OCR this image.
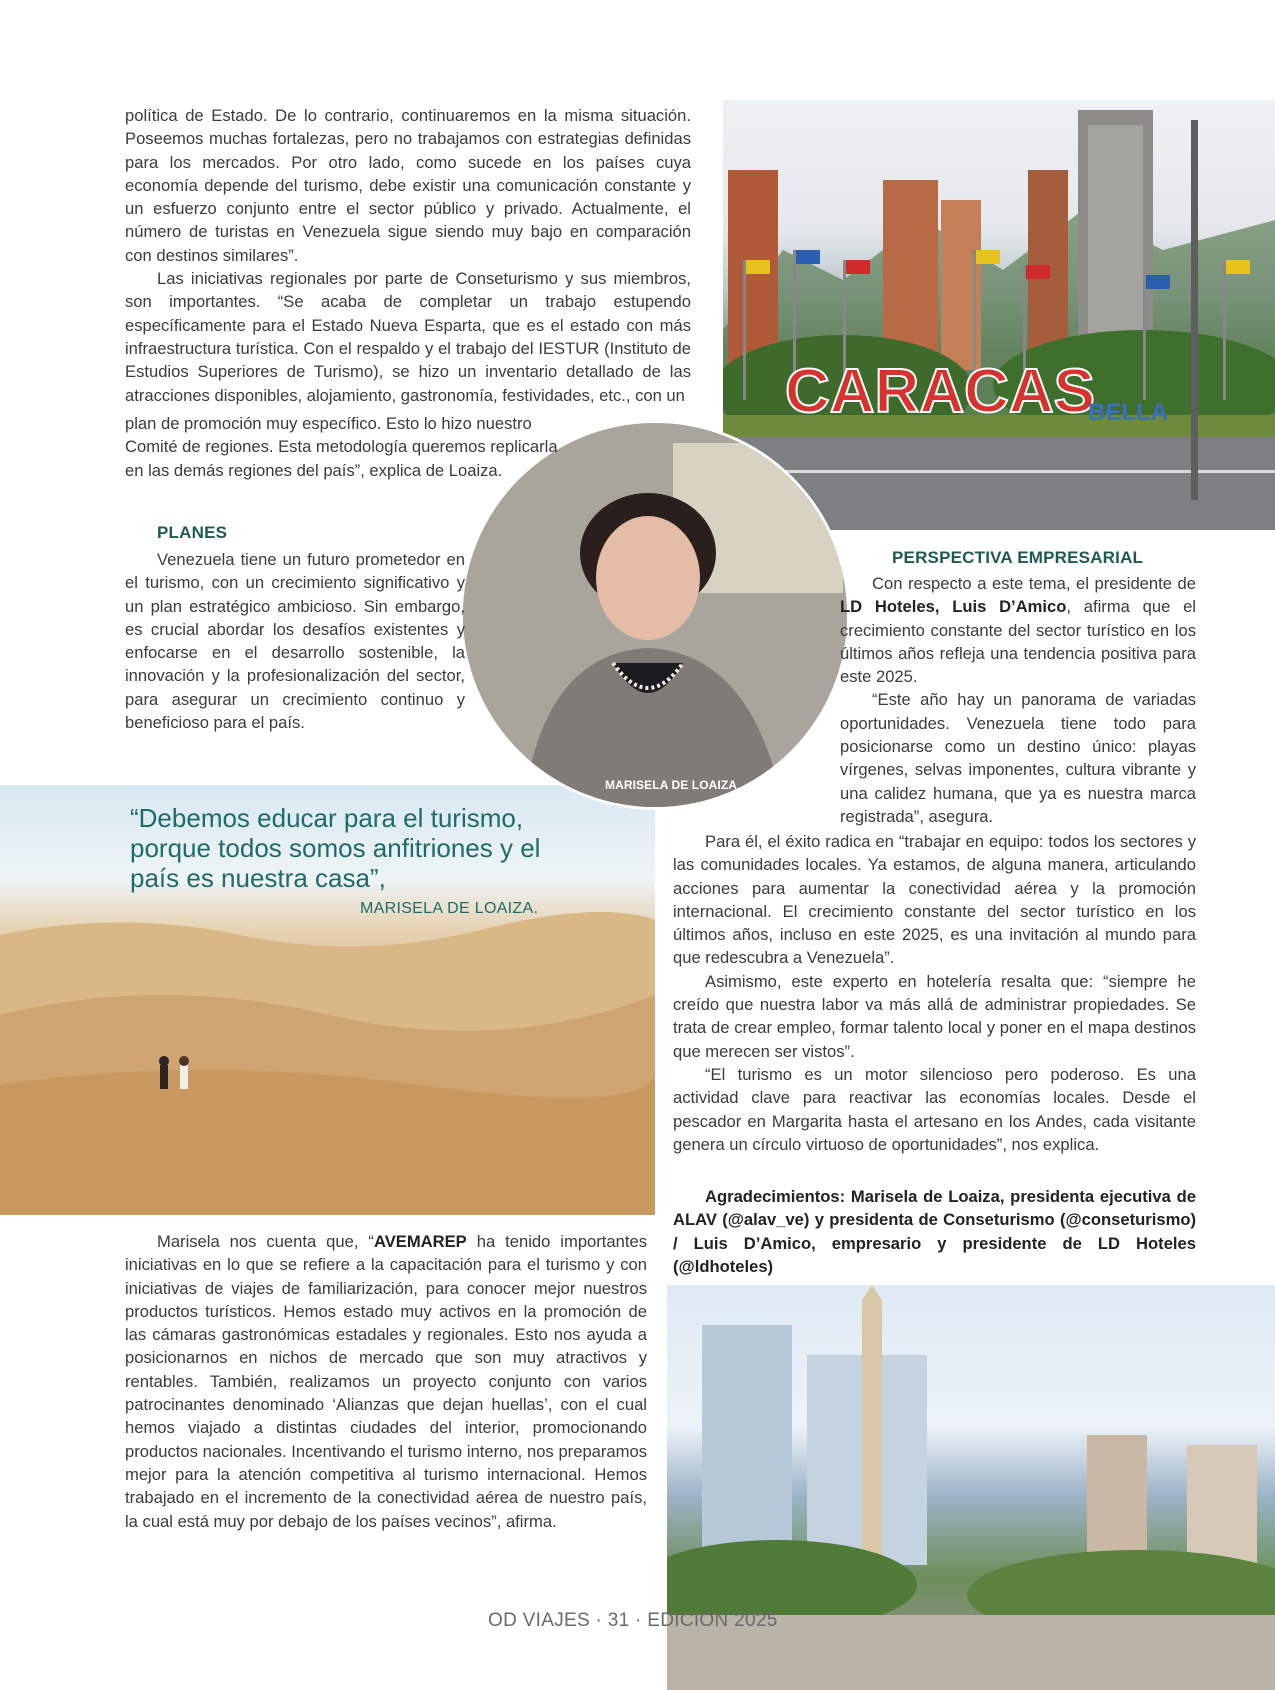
CARACAS
BELLA
MARISELA DE LOAIZA

política de Estado. De lo contrario, continuaremos en la misma situación. Poseemos muchas fortalezas, pero no trabajamos con estrategias definidas para los mercados. Por otro lado, como sucede en los países cuya economía depende del turismo, debe existir una comunicación constante y un esfuerzo conjunto entre el sector público y privado. Actualmente, el número de turistas en Venezuela sigue siendo muy bajo en comparación con destinos similares”.

Las iniciativas regionales por parte de Conseturismo y sus miembros, son importantes. “Se acaba de completar un trabajo estupendo específicamente para el Estado Nueva Esparta, que es el estado con más infraestructura turística. Con el respaldo y el trabajo del IESTUR (Instituto de Estudios Superiores de Turismo), se hizo un inventario detallado de las atracciones disponibles, alojamiento, gastronomía, festividades, etc., con un

plan de promoción muy específico. Esto lo hizo nuestro Comité de regiones. Esta metodología queremos replicarla en las demás regiones del país”, explica de Loaiza.

PLANES

Venezuela tiene un futuro prometedor en el turismo, con un crecimiento significativo y un plan estratégico ambicioso. Sin embargo, es crucial abordar los desafíos existentes y enfocarse en el desarrollo sostenible, la innovación y la profesionalización del sector, para asegurar un crecimiento continuo y beneficioso para el país.

“Debemos educar para el turismo, porque todos somos anfitriones y el país es nuestra casa”,
MARISELA DE LOAIZA.

Marisela nos cuenta que, “AVEMAREP ha tenido importantes iniciativas en lo que se refiere a la capacitación para el turismo y con iniciativas de viajes de familiarización, para conocer mejor nuestros productos turísticos. Hemos estado muy activos en la promoción de las cámaras gastronómicas estadales y regionales. Esto nos ayuda a posicionarnos en nichos de mercado que son muy atractivos y rentables. También, realizamos un proyecto conjunto con varios patrocinantes denominado ‘Alianzas que dejan huellas’, con el cual hemos viajado a distintas ciudades del interior, promocionando productos nacionales. Incentivando el turismo interno, nos preparamos mejor para la atención competitiva al turismo internacional. Hemos trabajado en el incremento de la conectividad aérea de nuestro país, la cual está muy por debajo de los países vecinos”, afirma.

PERSPECTIVA EMPRESARIAL

Con respecto a este tema, el presidente de LD Hoteles, Luis D’Amico, afirma que el crecimiento constante del sector turístico en los últimos años refleja una tendencia positiva para este 2025.

“Este año hay un panorama de variadas oportunidades. Venezuela tiene todo para posicionarse como un destino único: playas vírgenes, selvas imponentes, cultura vibrante y una calidez humana, que ya es nuestra marca registrada”, asegura.

Para él, el éxito radica en “trabajar en equipo: todos los sectores y las comunidades locales. Ya estamos, de alguna manera, articulando acciones para aumentar la conectividad aérea y la promoción internacional. El crecimiento constante del sector turístico en los últimos años, incluso en este 2025, es una invitación al mundo para que redescubra a Venezuela”.

Asimismo, este experto en hotelería resalta que: “siempre he creído que nuestra labor va más allá de administrar propiedades. Se trata de crear empleo, formar talento local y poner en el mapa destinos que merecen ser vistos”.

“El turismo es un motor silencioso pero poderoso. Es una actividad clave para reactivar las economías locales. Desde el pescador en Margarita hasta el artesano en los Andes, cada visitante genera un círculo virtuoso de oportunidades”, nos explica.

Agradecimientos: Marisela de Loaiza, presidenta ejecutiva de ALAV (@alav_ve) y presidenta de Conseturismo (@conseturismo) / Luis D’Amico, empresario y presidente de LD Hoteles (@ldhoteles)

OD VIAJES · 31 · EDICIÓN 2025
